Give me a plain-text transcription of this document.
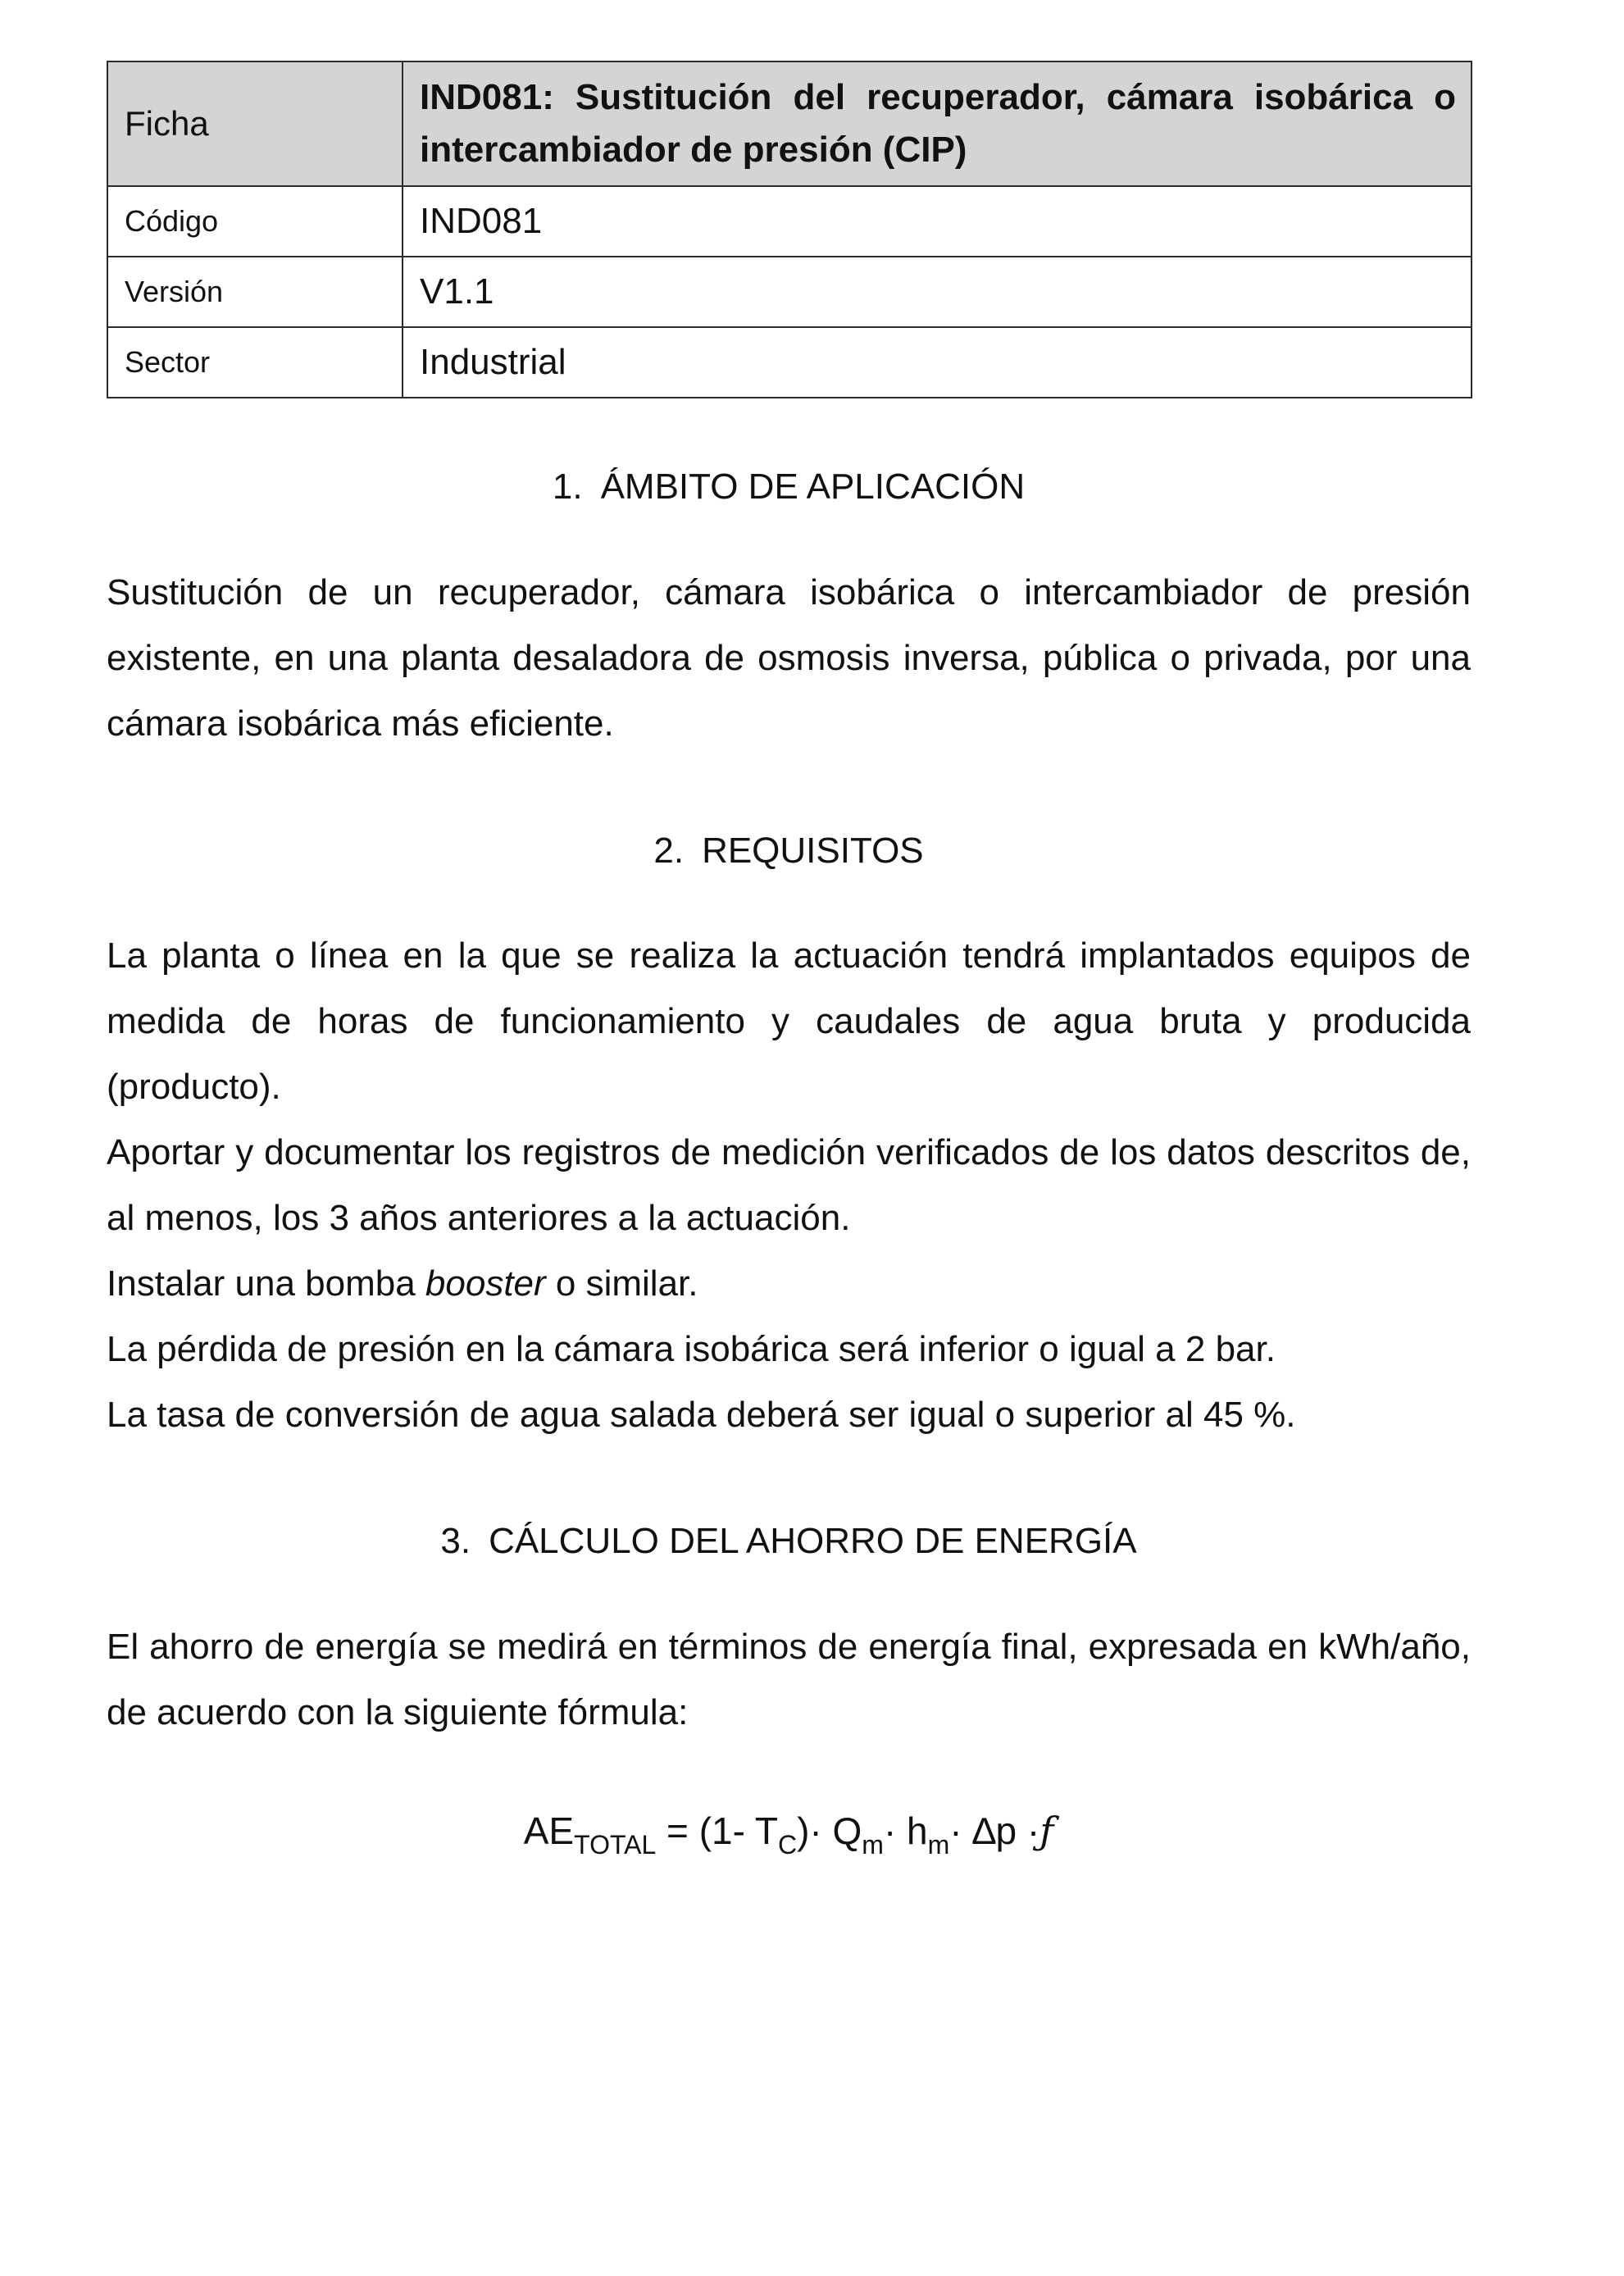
Ficha	IND081: Sustitución del recuperador, cámara isobárica o intercambiador de presión (CIP)
Código	IND081
Versión	V1.1
Sector	Industrial
1. ÁMBITO DE APLICACIÓN

Sustitución de un recuperador, cámara isobárica o intercambiador de presión existente, en una planta desaladora de osmosis inversa, pública o privada, por una cámara isobárica más eficiente.

2. REQUISITOS

La planta o línea en la que se realiza la actuación tendrá implantados equipos de medida de horas de funcionamiento y caudales de agua bruta y producida (producto).

Aportar y documentar los registros de medición verificados de los datos descritos de, al menos, los 3 años anteriores a la actuación.

Instalar una bomba booster o similar.

La pérdida de presión en la cámara isobárica será inferior o igual a 2 bar.

La tasa de conversión de agua salada deberá ser igual o superior al 45 %.

3. CÁLCULO DEL AHORRO DE ENERGÍA

El ahorro de energía se medirá en términos de energía final, expresada en kWh/año, de acuerdo con la siguiente fórmula:

$AE_{TOTAL} = (1-$ $T_C)\cdot Q_m\cdot h_m\cdot \Delta p$ ·ƒ
